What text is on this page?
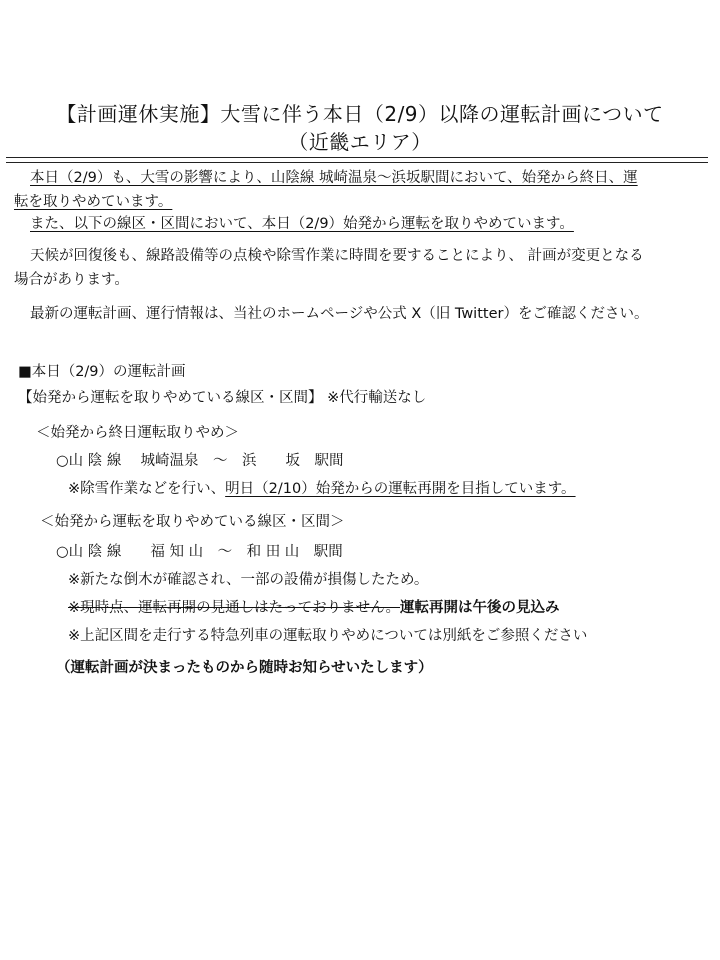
【計画運休実施】大雪に伴う本日（2/9）以降の運転計画について
（近畿エリア）
本日（2/9）も、大雪の影響により、山陰線 城崎温泉～浜坂駅間において、始発から終日、運
転を取りやめています。
また、以下の線区・区間において、本日（2/9）始発から運転を取りやめています。
天候が回復後も、線路設備等の点検や除雪作業に時間を要することにより、 計画が変更となる
場合があります。
最新の運転計画、運行情報は、当社のホームページや公式 X（旧 Twitter）をご確認ください。
■本日（2/9）の運転計画
【始発から運転を取りやめている線区・区間】 ※代行輸送なし
＜始発から終日運転取りやめ＞
○山 陰 線　 城崎温泉　～　浜　　坂　駅間
※除雪作業などを行い、明日（2/10）始発からの運転再開を目指しています。
＜始発から運転を取りやめている線区・区間＞
○山 陰 線　　福 知 山　～　和 田 山　駅間
※新たな倒木が確認され、一部の設備が損傷したため。
※現時点、運転再開の見通しはたっておりません。運転再開は午後の見込み
※上記区間を走行する特急列車の運転取りやめについては別紙をご参照ください
（運転計画が決まったものから随時お知らせいたします）
